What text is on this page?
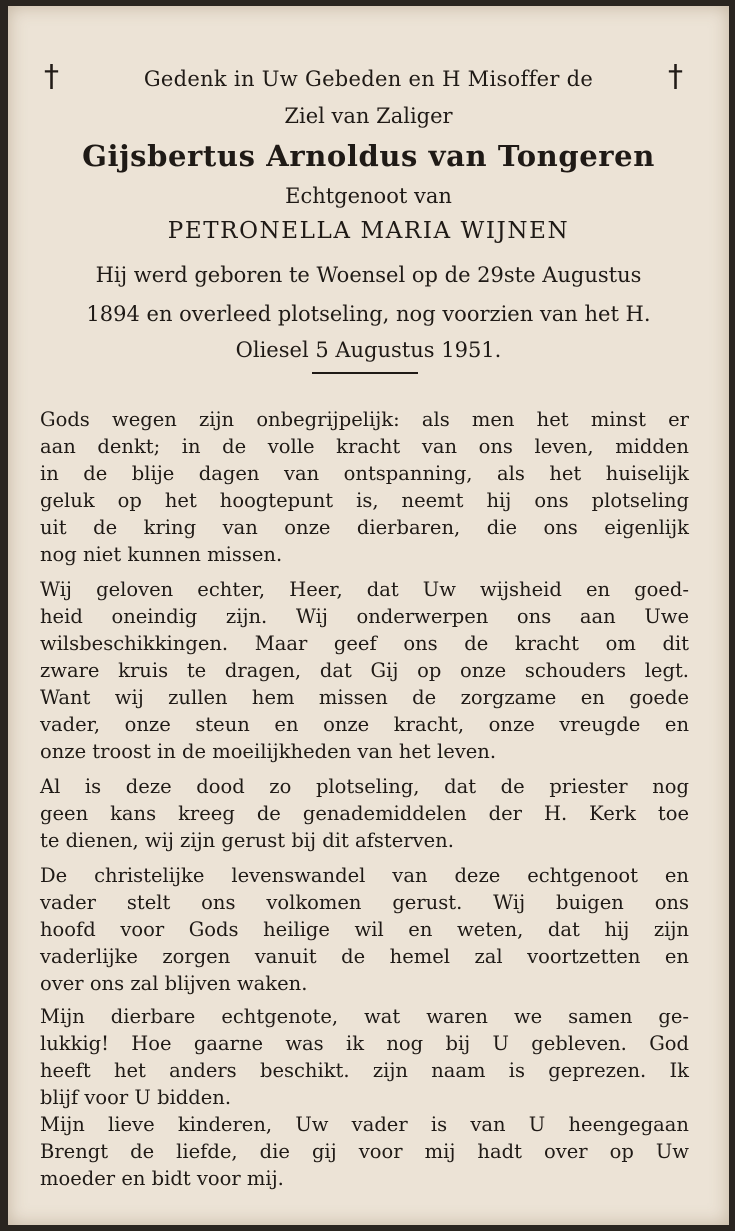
†	†
Gedenk in Uw Gebeden en H Misoffer de
Ziel van Zaliger
Gijsbertus Arnoldus van Tongeren
Echtgenoot van
PETRONELLA MARIA WIJNEN
Hij werd geboren te Woensel op de 29ste Augustus
1894 en overleed plotseling, nog voorzien van het H.
Oliesel 5 Augustus 1951.
Gods wegen zijn onbegrijpelijk: als men het minst er
aan denkt; in de volle kracht van ons leven, midden
in de blije dagen van ontspanning, als het huiselijk
geluk op het hoogtepunt is, neemt hij ons plotseling
uit de kring van onze dierbaren, die ons eigenlijk
nog niet kunnen missen.
Wij geloven echter, Heer, dat Uw wijsheid en goed-
heid oneindig zijn. Wij onderwerpen ons aan Uwe
wilsbeschikkingen. Maar geef ons de kracht om dit
zware kruis te dragen, dat Gij op onze schouders legt.
Want wij zullen hem missen de zorgzame en goede
vader, onze steun en onze kracht, onze vreugde en
onze troost in de moeilijkheden van het leven.
Al is deze dood zo plotseling, dat de priester nog
geen kans kreeg de genademiddelen der H. Kerk toe
te dienen, wij zijn gerust bij dit afsterven.
De christelijke levenswandel van deze echtgenoot en
vader stelt ons volkomen gerust. Wij buigen ons
hoofd voor Gods heilige wil en weten, dat hij zijn
vaderlijke zorgen vanuit de hemel zal voortzetten en
over ons zal blijven waken.
Mijn dierbare echtgenote, wat waren we samen ge-
lukkig! Hoe gaarne was ik nog bij U gebleven. God
heeft het anders beschikt. zijn naam is geprezen. Ik
blijf voor U bidden.
Mijn lieve kinderen, Uw vader is van U heengegaan
Brengt de liefde, die gij voor mij hadt over op Uw
moeder en bidt voor mij.
